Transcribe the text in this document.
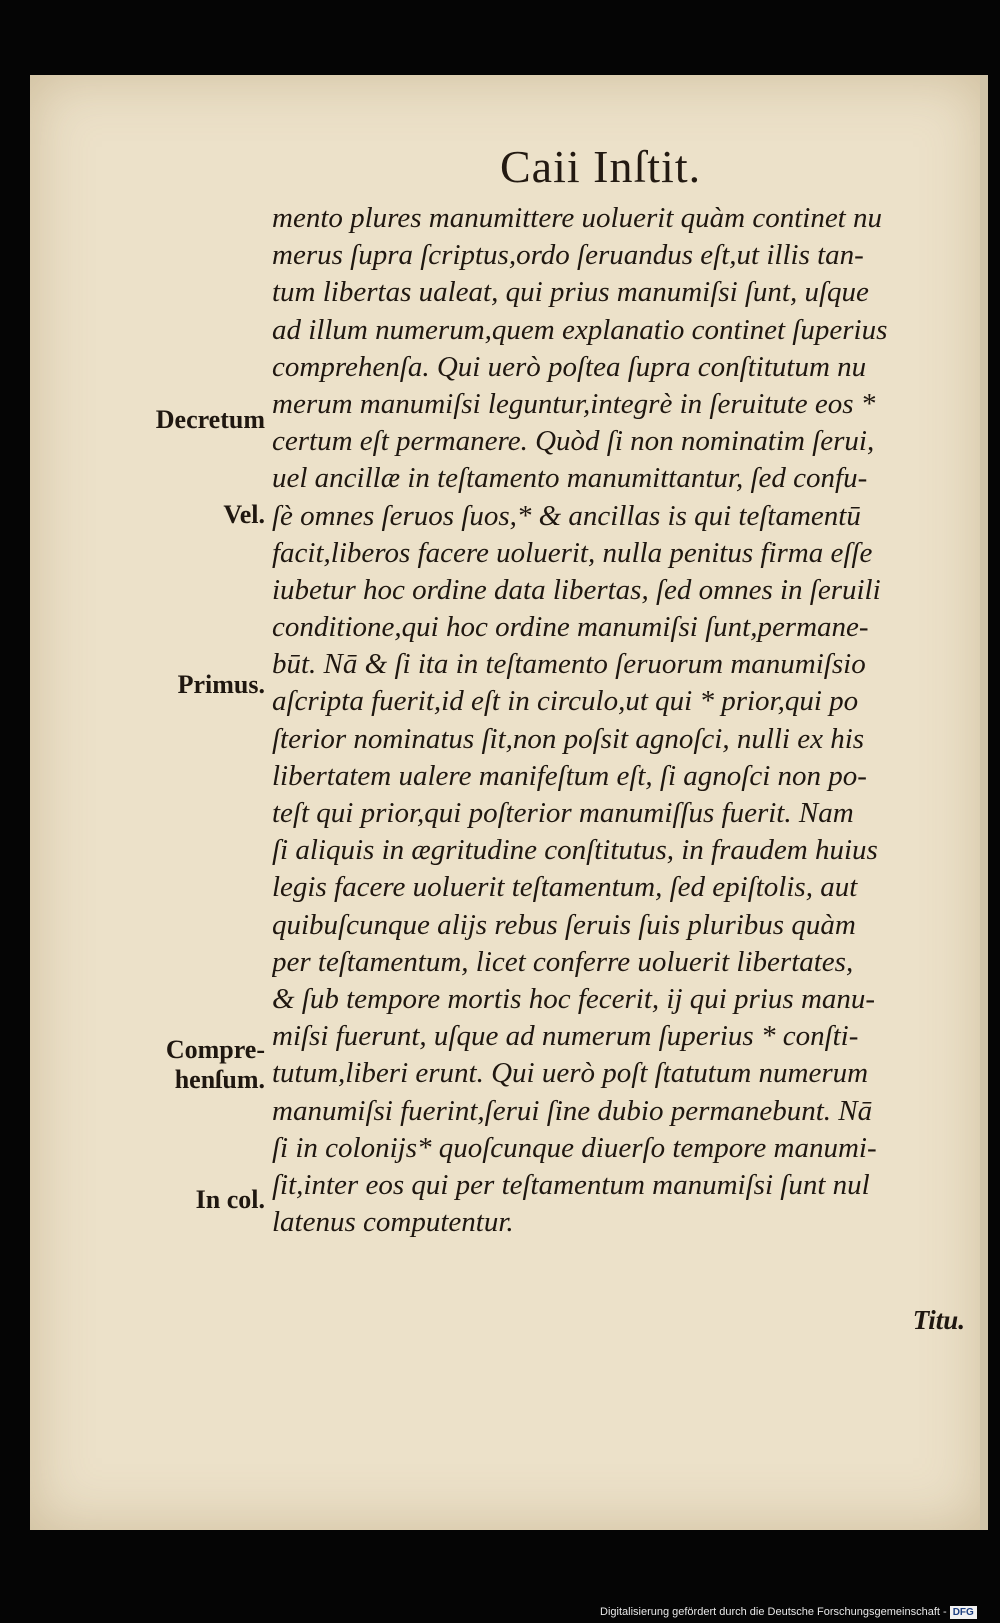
Caii Inſtit.

Decretum

Vel.

Primus.

Compre-
henſum.

In col.

mento plures manumittere uoluerit quàm continet nu
merus ſupra ſcriptus,ordo ſeruandus eſt,ut illis tan-
tum libertas ualeat, qui prius manumiſsi ſunt, uſque
ad illum numerum,quem explanatio continet ſuperius
comprehenſa. Qui uerò poſtea ſupra conſtitutum nu
merum manumiſsi leguntur,integrè in ſeruitute eos *
certum eſt permanere. Quòd ſi non nominatim ſerui,
uel ancillæ in teſtamento manumittantur, ſed confu-
ſè omnes ſeruos ſuos,* & ancillas is qui teſtamentū
facit,liberos facere uoluerit, nulla penitus firma eſſe
iubetur hoc ordine data libertas, ſed omnes in ſeruili
conditione,qui hoc ordine manumiſsi ſunt,permane-
būt. Nā & ſi ita in teſtamento ſeruorum manumiſsio
aſcripta fuerit,id eſt in circulo,ut qui * prior,qui po
ſterior nominatus ſit,non poſsit agnoſci, nulli ex his
libertatem ualere manifeſtum eſt, ſi agnoſci non po-
teſt qui prior,qui poſterior manumiſſus fuerit. Nam
ſi aliquis in ægritudine conſtitutus, in fraudem huius
legis facere uoluerit teſtamentum, ſed epiſtolis, aut
quibuſcunque alijs rebus ſeruis ſuis pluribus quàm
per teſtamentum, licet conferre uoluerit libertates,
& ſub tempore mortis hoc fecerit, ij qui prius manu-
miſsi fuerunt, uſque ad numerum ſuperius * conſti-
tutum,liberi erunt. Qui uerò poſt ſtatutum numerum
manumiſsi fuerint,ſerui ſine dubio permanebunt. Nā
ſi in colonijs* quoſcunque diuerſo tempore manumi-
ſit,inter eos qui per teſtamentum manumiſsi ſunt nul
latenus computentur.
Titu.
Digitalisierung gefördert durch die Deutsche Forschungsgemeinschaft - DFG
